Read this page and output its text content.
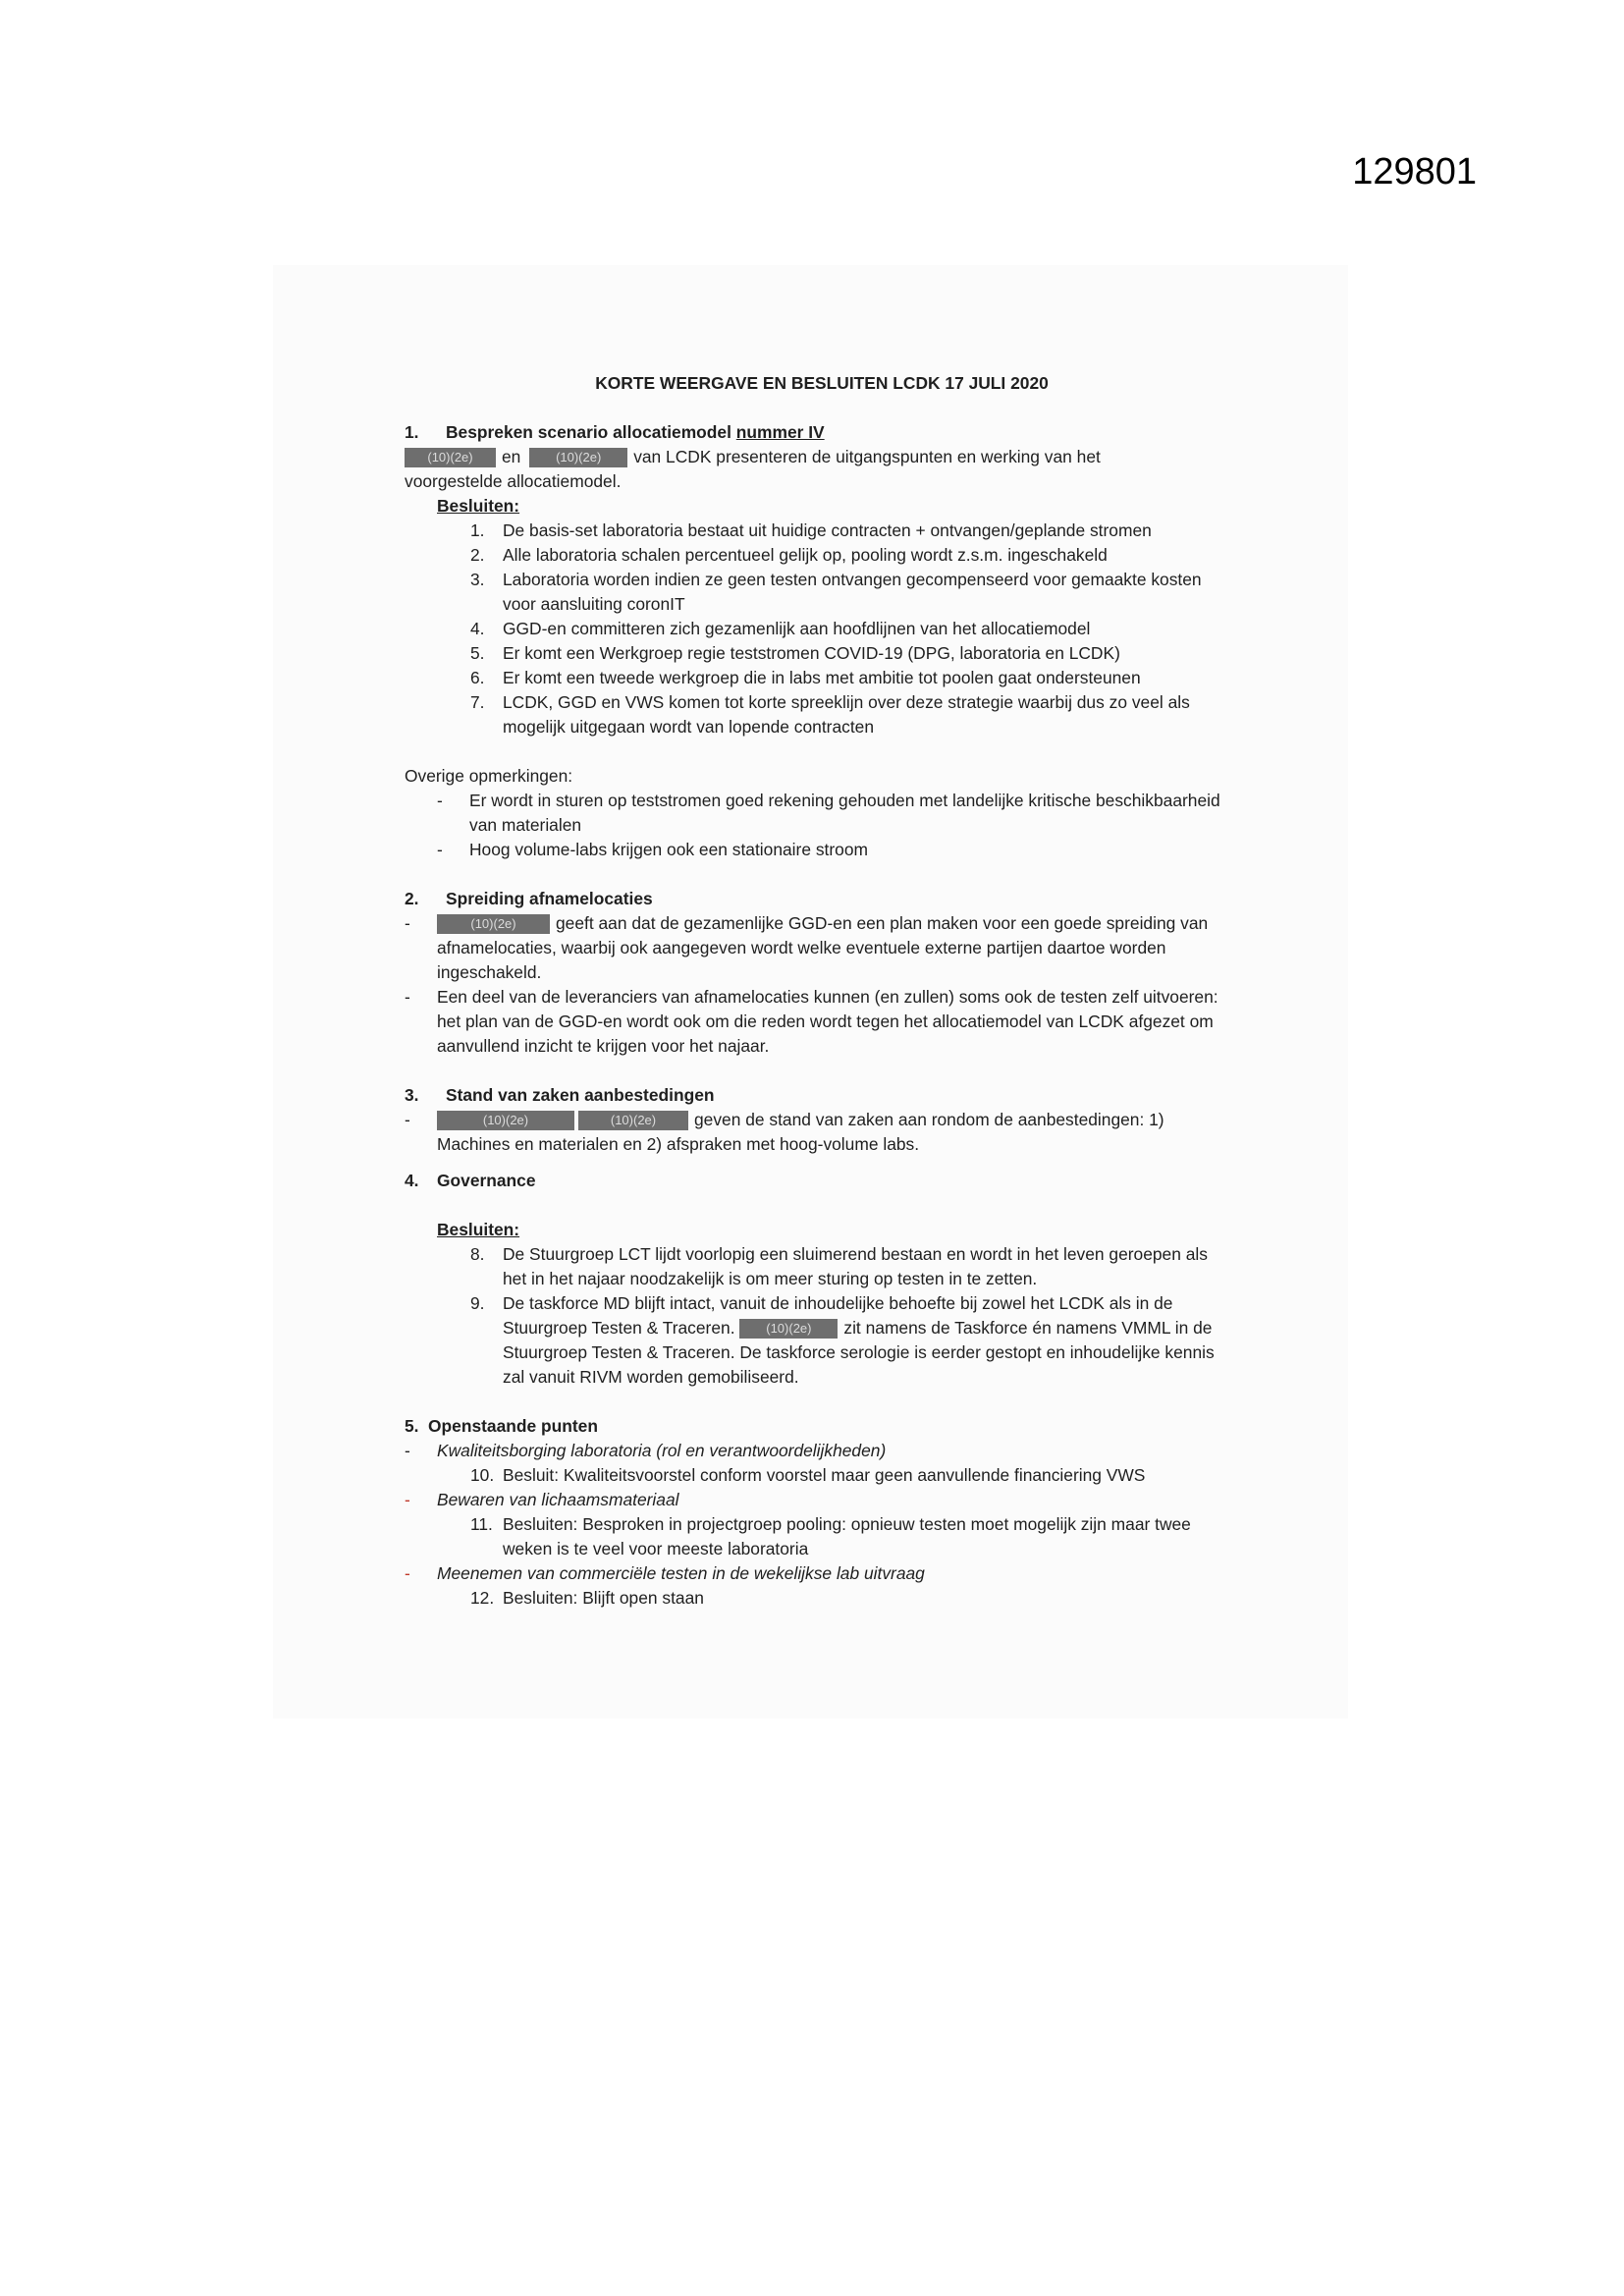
129801
KORTE WEERGAVE EN BESLUITEN LCDK 17 JULI 2020
1.	Bespreken scenario allocatiemodel nummer IV
(10)(2e) en	(10)(2e) van LCDK presenteren de uitgangspunten en werking van het
voorgestelde allocatiemodel.
Besluiten:
1.	De basis-set laboratoria bestaat uit huidige contracten + ontvangen/geplande stromen
2.	Alle laboratoria schalen percentueel gelijk op, pooling wordt z.s.m. ingeschakeld
3.	Laboratoria worden indien ze geen testen ontvangen gecompenseerd voor gemaakte kosten voor aansluiting coronIT
4.	GGD-en committeren zich gezamenlijk aan hoofdlijnen van het allocatiemodel
5.	Er komt een Werkgroep regie teststromen COVID-19 (DPG, laboratoria en LCDK)
6.	Er komt een tweede werkgroep die in labs met ambitie tot poolen gaat ondersteunen
7.	LCDK, GGD en VWS komen tot korte spreeklijn over deze strategie waarbij dus zo veel als mogelijk uitgegaan wordt van lopende contracten
Overige opmerkingen:
-	Er wordt in sturen op teststromen goed rekening gehouden met landelijke kritische beschikbaarheid van materialen
-	Hoog volume-labs krijgen ook een stationaire stroom
2.	Spreiding afnamelocaties
-	(10)(2e) geeft aan dat de gezamenlijke GGD-en een plan maken voor een goede spreiding van afnamelocaties, waarbij ook aangegeven wordt welke eventuele externe partijen daartoe worden ingeschakeld.
-	Een deel van de leveranciers van afnamelocaties kunnen (en zullen) soms ook de testen zelf uitvoeren: het plan van de GGD-en wordt ook om die reden wordt tegen het allocatiemodel van LCDK afgezet om aanvullend inzicht te krijgen voor het najaar.
3.	Stand van zaken aanbestedingen
-	(10)(2e)	(10)(2e) geven de stand van zaken aan rondom de aanbestedingen: 1) Machines en materialen en 2) afspraken met hoog-volume labs.
4.	Governance
Besluiten:
8.	De Stuurgroep LCT lijdt voorlopig een sluimerend bestaan en wordt in het leven geroepen als het in het najaar noodzakelijk is om meer sturing op testen in te zetten.
9.	De taskforce MD blijft intact, vanuit de inhoudelijke behoefte bij zowel het LCDK als in de Stuurgroep Testen & Traceren. (10)(2e) zit namens de Taskforce én namens VMML in de Stuurgroep Testen & Traceren. De taskforce serologie is eerder gestopt en inhoudelijke kennis zal vanuit RIVM worden gemobiliseerd.
5. Openstaande punten
-	Kwaliteitsborging laboratoria (rol en verantwoordelijkheden)
10. Besluit: Kwaliteitsvoorstel conform voorstel maar geen aanvullende financiering VWS
-	Bewaren van lichaamsmateriaal
11. Besluiten: Besproken in projectgroep pooling: opnieuw testen moet mogelijk zijn maar twee weken is te veel voor meeste laboratoria
-	Meenemen van commerciële testen in de wekelijkse lab uitvraag
12. Besluiten: Blijft open staan
